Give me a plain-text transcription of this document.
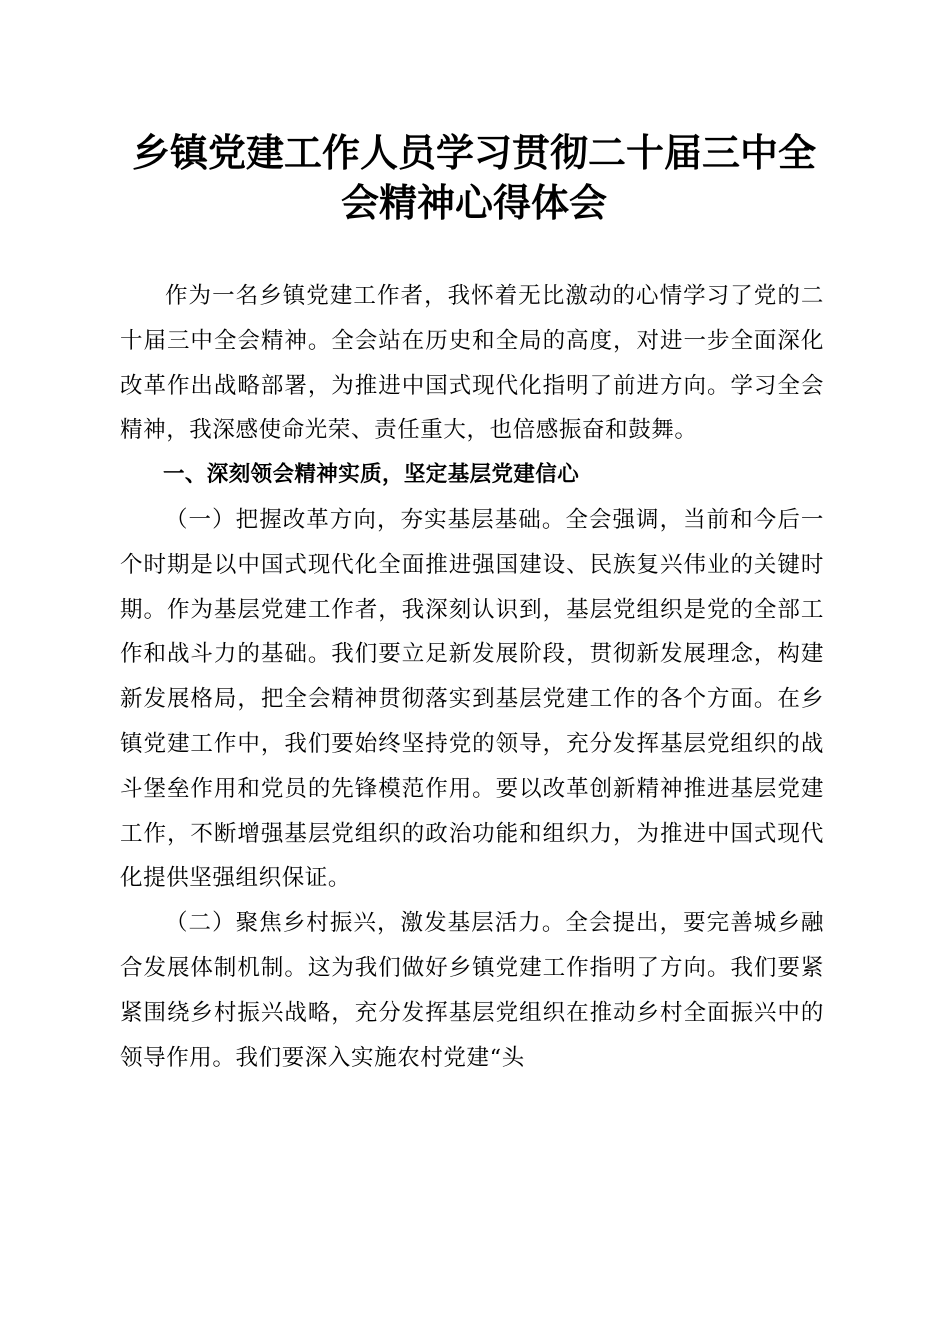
乡镇党建工作人员学习贯彻二十届三中全会精神心得体会

作为一名乡镇党建工作者，我怀着无比激动的心情学习了党的二十届三中全会精神。全会站在历史和全局的高度，对进一步全面深化改革作出战略部署，为推进中国式现代化指明了前进方向。学习全会精神，我深感使命光荣、责任重大，也倍感振奋和鼓舞。

一、深刻领会精神实质，坚定基层党建信心

（一）把握改革方向，夯实基层基础。全会强调，当前和今后一个时期是以中国式现代化全面推进强国建设、民族复兴伟业的关键时期。作为基层党建工作者，我深刻认识到，基层党组织是党的全部工作和战斗力的基础。我们要立足新发展阶段，贯彻新发展理念，构建新发展格局，把全会精神贯彻落实到基层党建工作的各个方面。在乡镇党建工作中，我们要始终坚持党的领导，充分发挥基层党组织的战斗堡垒作用和党员的先锋模范作用。要以改革创新精神推进基层党建工作，不断增强基层党组织的政治功能和组织力，为推进中国式现代化提供坚强组织保证。

（二）聚焦乡村振兴，激发基层活力。全会提出，要完善城乡融合发展体制机制。这为我们做好乡镇党建工作指明了方向。我们要紧紧围绕乡村振兴战略，充分发挥基层党组织在推动乡村全面振兴中的领导作用。我们要深入实施农村党建“头
